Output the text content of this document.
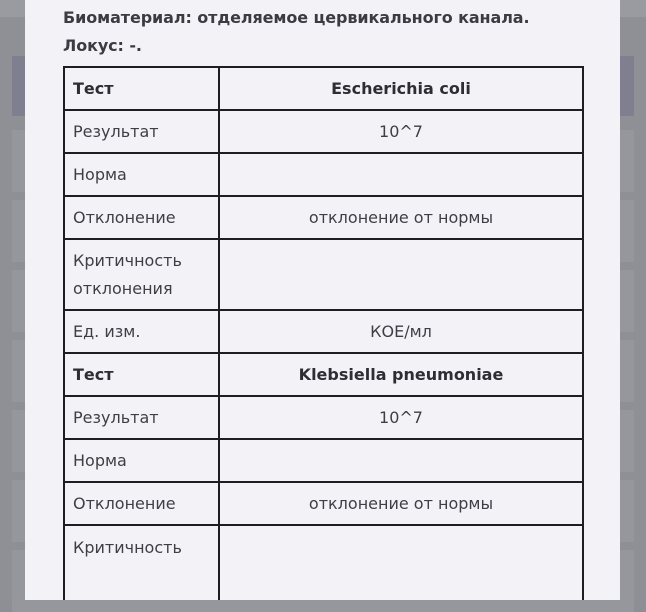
Биоматериал: отделяемое цервикального канала. Локус: -.
Тест	Escherichia coli
Результат	10^7
Норма	
Отклонение	отклонение от нормы
Критичность отклонения	
Ед. изм.	КОЕ/мл
Тест	Klebsiella pneumoniae
Результат	10^7
Норма	
Отклонение	отклонение от нормы
Критичность	
